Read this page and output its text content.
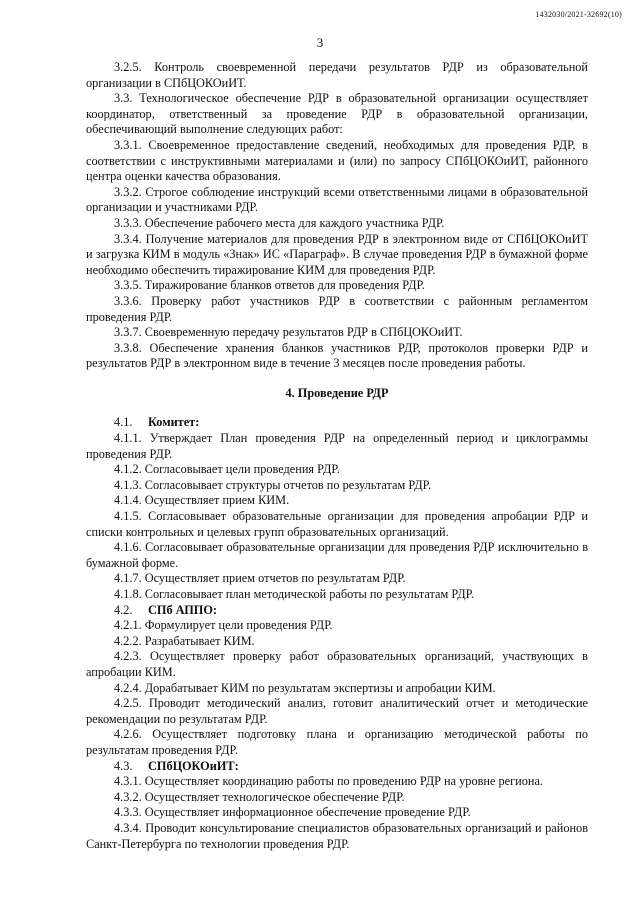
1432030/2021-32692(10)
3

3.2.5. Контроль своевременной передачи результатов РДР из образовательной организации в СПбЦОКОиИТ.

3.3. Технологическое обеспечение РДР в образовательной организации осуществляет координатор, ответственный за проведение РДР в образовательной организации, обеспечивающий выполнение следующих работ:

3.3.1. Своевременное предоставление сведений, необходимых для проведения РДР, в соответствии с инструктивными материалами и (или) по запросу СПбЦОКОиИТ, районного центра оценки качества образования.

3.3.2. Строгое соблюдение инструкций всеми ответственными лицами в образовательной организации и участниками РДР.

3.3.3. Обеспечение рабочего места для каждого участника РДР.

3.3.4. Получение материалов для проведения РДР в электронном виде от СПбЦОКОиИТ и загрузка КИМ в модуль «Знак» ИС «Параграф». В случае проведения РДР в бумажной форме необходимо обеспечить тиражирование КИМ для проведения РДР.

3.3.5. Тиражирование бланков ответов для проведения РДР.

3.3.6. Проверку работ участников РДР в соответствии с районным регламентом проведения РДР.

3.3.7. Своевременную передачу результатов РДР в СПбЦОКОиИТ.

3.3.8. Обеспечение хранения бланков участников РДР, протоколов проверки РДР и результатов РДР в электронном виде в течение 3 месяцев после проведения работы.

4. Проведение РДР

4.1. Комитет:

4.1.1. Утверждает План проведения РДР на определенный период и циклограммы проведения РДР.

4.1.2. Согласовывает цели проведения РДР.

4.1.3. Согласовывает структуры отчетов по результатам РДР.

4.1.4. Осуществляет прием КИМ.

4.1.5. Согласовывает образовательные организации для проведения апробации РДР и списки контрольных и целевых групп образовательных организаций.

4.1.6. Согласовывает образовательные организации для проведения РДР исключительно в бумажной форме.

4.1.7. Осуществляет прием отчетов по результатам РДР.

4.1.8. Согласовывает план методической работы по результатам РДР.

4.2. СПб АППО:

4.2.1. Формулирует цели проведения РДР.

4.2.2. Разрабатывает КИМ.

4.2.3. Осуществляет проверку работ образовательных организаций, участвующих в апробации КИМ.

4.2.4. Дорабатывает КИМ по результатам экспертизы и апробации КИМ.

4.2.5. Проводит методический анализ, готовит аналитический отчет и методические рекомендации по результатам РДР.

4.2.6. Осуществляет подготовку плана и организацию методической работы по результатам проведения РДР.

4.3. СПбЦОКОиИТ:

4.3.1. Осуществляет координацию работы по проведению РДР на уровне региона.

4.3.2. Осуществляет технологическое обеспечение РДР.

4.3.3. Осуществляет информационное обеспечение проведение РДР.

4.3.4. Проводит консультирование специалистов образовательных организаций и районов Санкт-Петербурга по технологии проведения РДР.
